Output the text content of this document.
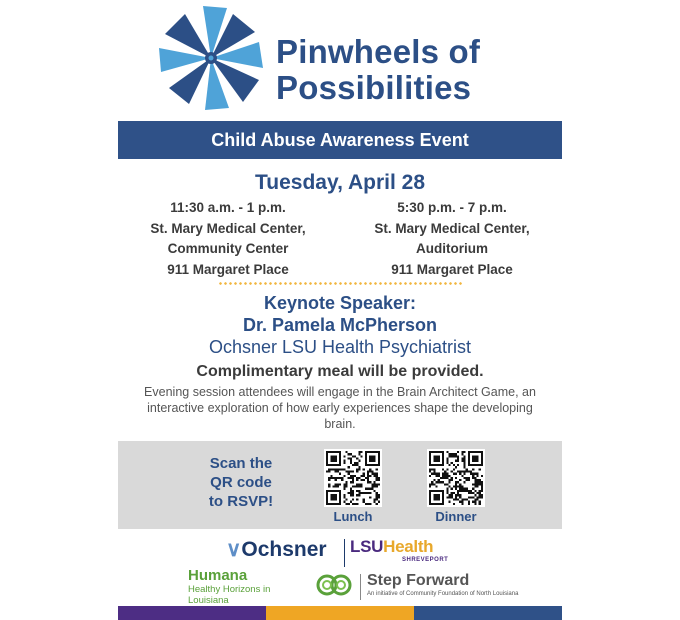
Pinwheels of
Possibilities
Child Abuse Awareness Event
Tuesday, April 28
11:30 a.m. - 1 p.m.
St. Mary Medical Center,
Community Center
911 Margaret Place
5:30 p.m. - 7 p.m.
St. Mary Medical Center,
Auditorium
911 Margaret Place
Keynote Speaker:
Dr. Pamela McPherson
Ochsner LSU Health Psychiatrist
Complimentary meal will be provided.
Evening session attendees will engage in the Brain Architect Game, an interactive exploration of how early experiences shape the developing brain.
Scan the
QR code
to RSVP!
Lunch	Dinner
∨Ochsner LSUHealth
SHREVEPORT
Humana
Healthy Horizons in Louisiana
Step Forward
An initiative of Community Foundation of North Louisiana
